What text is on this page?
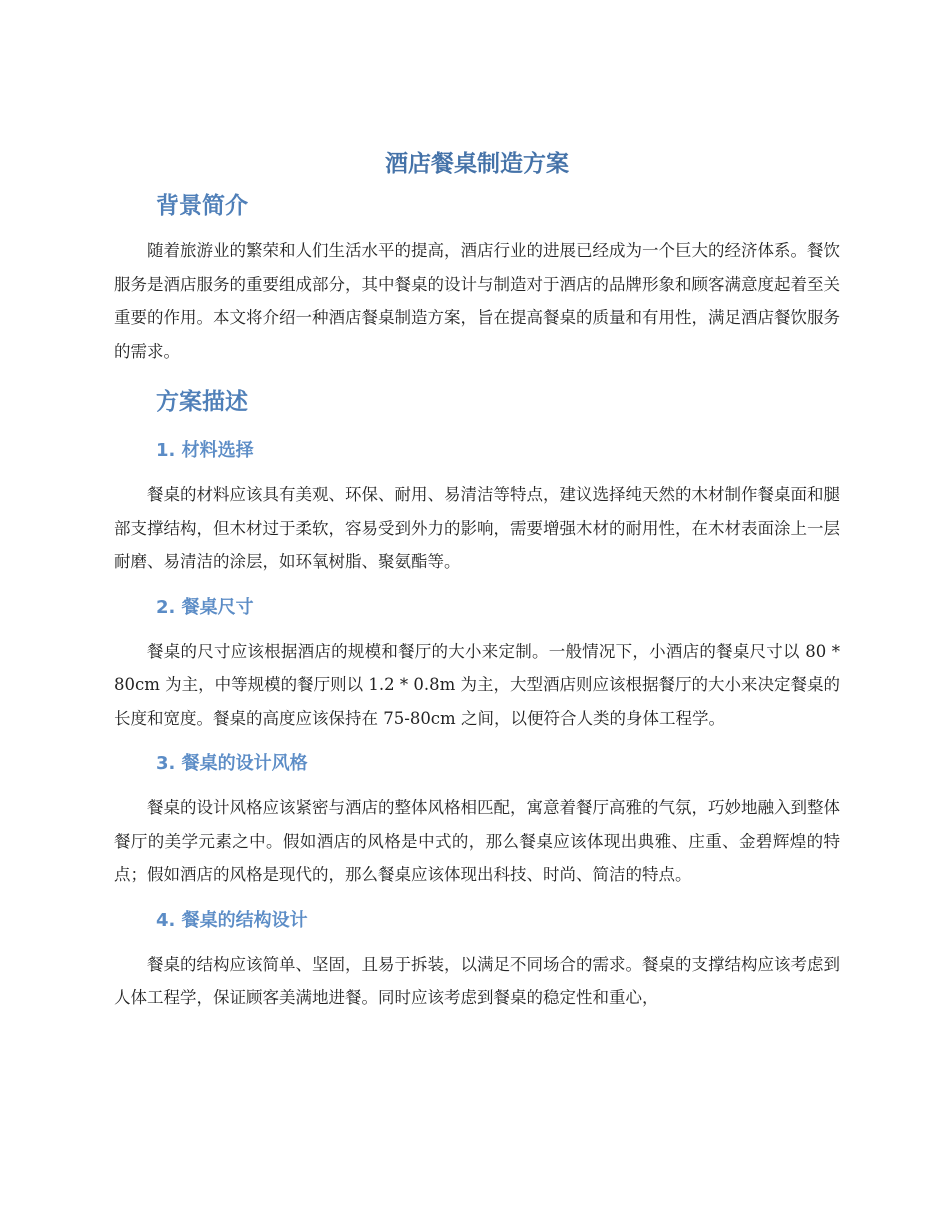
酒店餐桌制造方案
背景简介

随着旅游业的繁荣和人们生活水平的提高，酒店行业的进展已经成为一个巨大的经济体系。餐饮服务是酒店服务的重要组成部分，其中餐桌的设计与制造对于酒店的品牌形象和顾客满意度起着至关重要的作用。本文将介绍一种酒店餐桌制造方案，旨在提高餐桌的质量和有用性，满足酒店餐饮服务的需求。

方案描述
1. 材料选择

餐桌的材料应该具有美观、环保、耐用、易清洁等特点，建议选择纯天然的木材制作餐桌面和腿部支撑结构，但木材过于柔软，容易受到外力的影响，需要增强木材的耐用性，在木材表面涂上一层耐磨、易清洁的涂层，如环氧树脂、聚氨酯等。

2. 餐桌尺寸

餐桌的尺寸应该根据酒店的规模和餐厅的大小来定制。一般情况下，小酒店的餐桌尺寸以 80 * 80cm 为主，中等规模的餐厅则以 1.2 * 0.8m 为主，大型酒店则应该根据餐厅的大小来决定餐桌的长度和宽度。餐桌的高度应该保持在 75-80cm 之间，以便符合人类的身体工程学。

3. 餐桌的设计风格

餐桌的设计风格应该紧密与酒店的整体风格相匹配，寓意着餐厅高雅的气氛，巧妙地融入到整体餐厅的美学元素之中。假如酒店的风格是中式的，那么餐桌应该体现出典雅、庄重、金碧辉煌的特点；假如酒店的风格是现代的，那么餐桌应该体现出科技、时尚、简洁的特点。

4. 餐桌的结构设计

餐桌的结构应该简单、坚固，且易于拆装，以满足不同场合的需求。餐桌的支撑结构应该考虑到人体工程学，保证顾客美满地进餐。同时应该考虑到餐桌的稳定性和重心，
